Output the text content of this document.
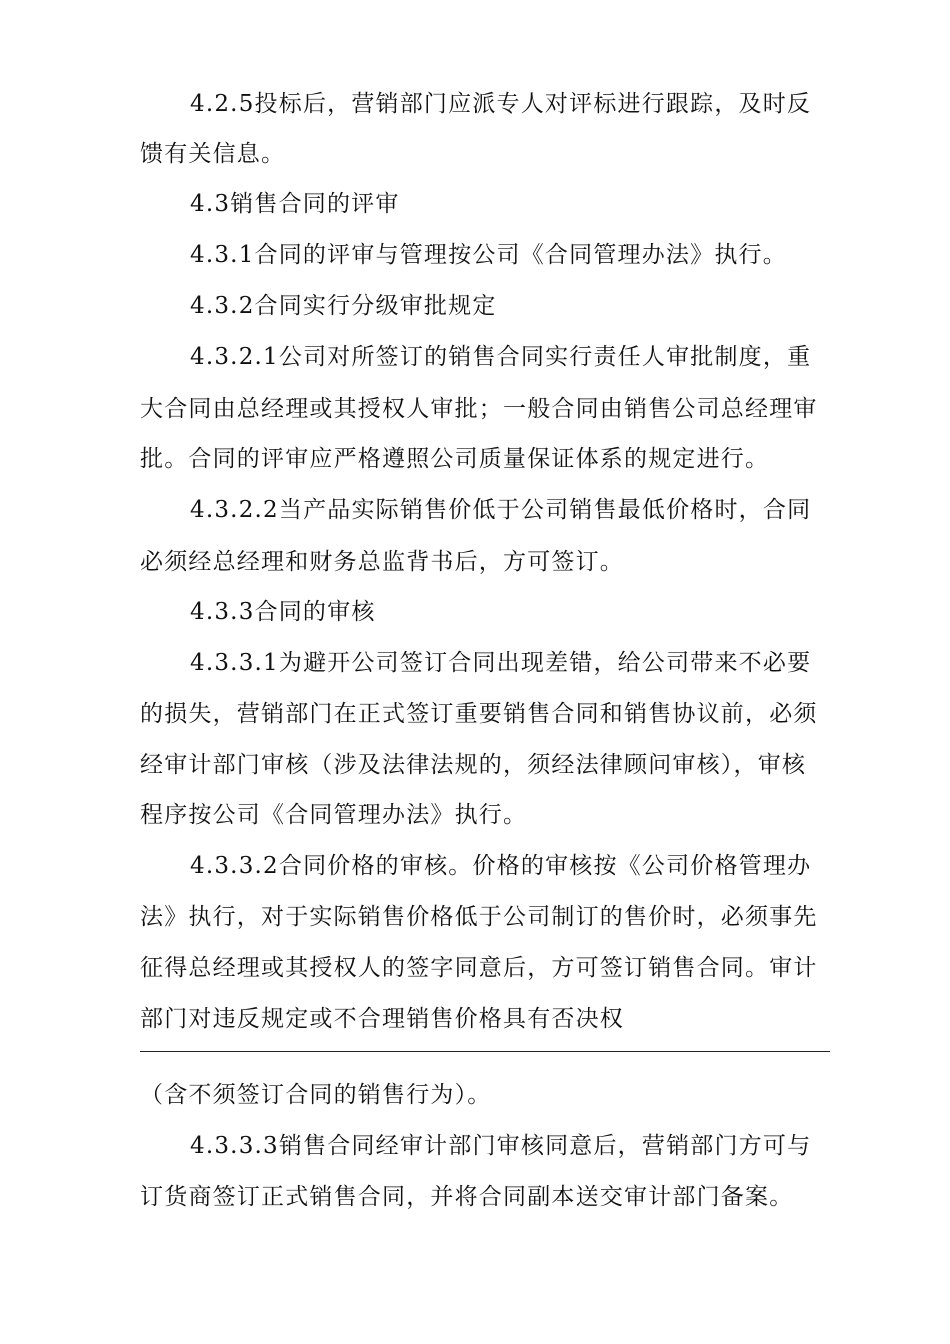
4.2.5投标后，营销部门应派专人对评标进行跟踪，及时反
馈有关信息。
4.3销售合同的评审
4.3.1合同的评审与管理按公司《合同管理办法》执行。
4.3.2合同实行分级审批规定
4.3.2.1公司对所签订的销售合同实行责任人审批制度，重
大合同由总经理或其授权人审批；一般合同由销售公司总经理审
批。合同的评审应严格遵照公司质量保证体系的规定进行。
4.3.2.2当产品实际销售价低于公司销售最低价格时，合同
必须经总经理和财务总监背书后，方可签订。
4.3.3合同的审核
4.3.3.1为避开公司签订合同出现差错，给公司带来不必要
的损失，营销部门在正式签订重要销售合同和销售协议前，必须
经审计部门审核（涉及法律法规的，须经法律顾问审核），审核
程序按公司《合同管理办法》执行。
4.3.3.2合同价格的审核。价格的审核按《公司价格管理办
法》执行，对于实际销售价格低于公司制订的售价时，必须事先
征得总经理或其授权人的签字同意后，方可签订销售合同。审计
部门对违反规定或不合理销售价格具有否决权
（含不须签订合同的销售行为）。
4.3.3.3销售合同经审计部门审核同意后，营销部门方可与
订货商签订正式销售合同，并将合同副本送交审计部门备案。
